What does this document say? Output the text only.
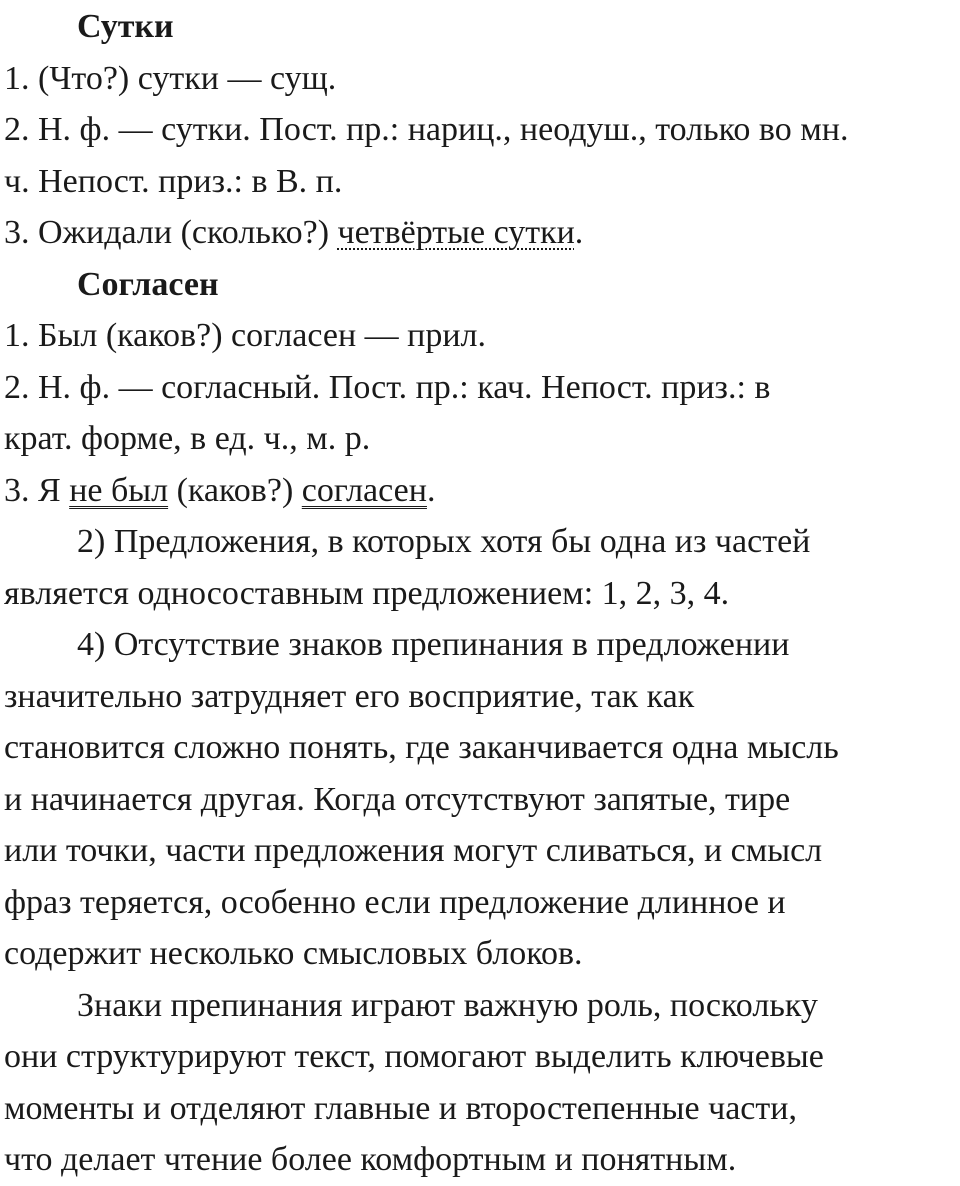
Сутки
1. (Что?) сутки — сущ.
2. Н. ф. — сутки. Пост. пр.: нариц., неодуш., только во мн.
ч. Непост. приз.: в В. п.
3. Ожидали (сколько?) четвёртые сутки.
Согласен
1. Был (каков?) согласен — прил.
2. Н. ф. — согласный. Пост. пр.: кач. Непост. приз.: в
крат. форме, в ед. ч., м. р.
3. Я не был (каков?) согласен.
2) Предложения, в которых хотя бы одна из частей
является односоставным предложением: 1, 2, 3, 4.
4) Отсутствие знаков препинания в предложении
значительно затрудняет его восприятие, так как
становится сложно понять, где заканчивается одна мысль
и начинается другая. Когда отсутствуют запятые, тире
или точки, части предложения могут сливаться, и смысл
фраз теряется, особенно если предложение длинное и
содержит несколько смысловых блоков.
Знаки препинания играют важную роль, поскольку
они структурируют текст, помогают выделить ключевые
моменты и отделяют главные и второстепенные части,
что делает чтение более комфортным и понятным.
